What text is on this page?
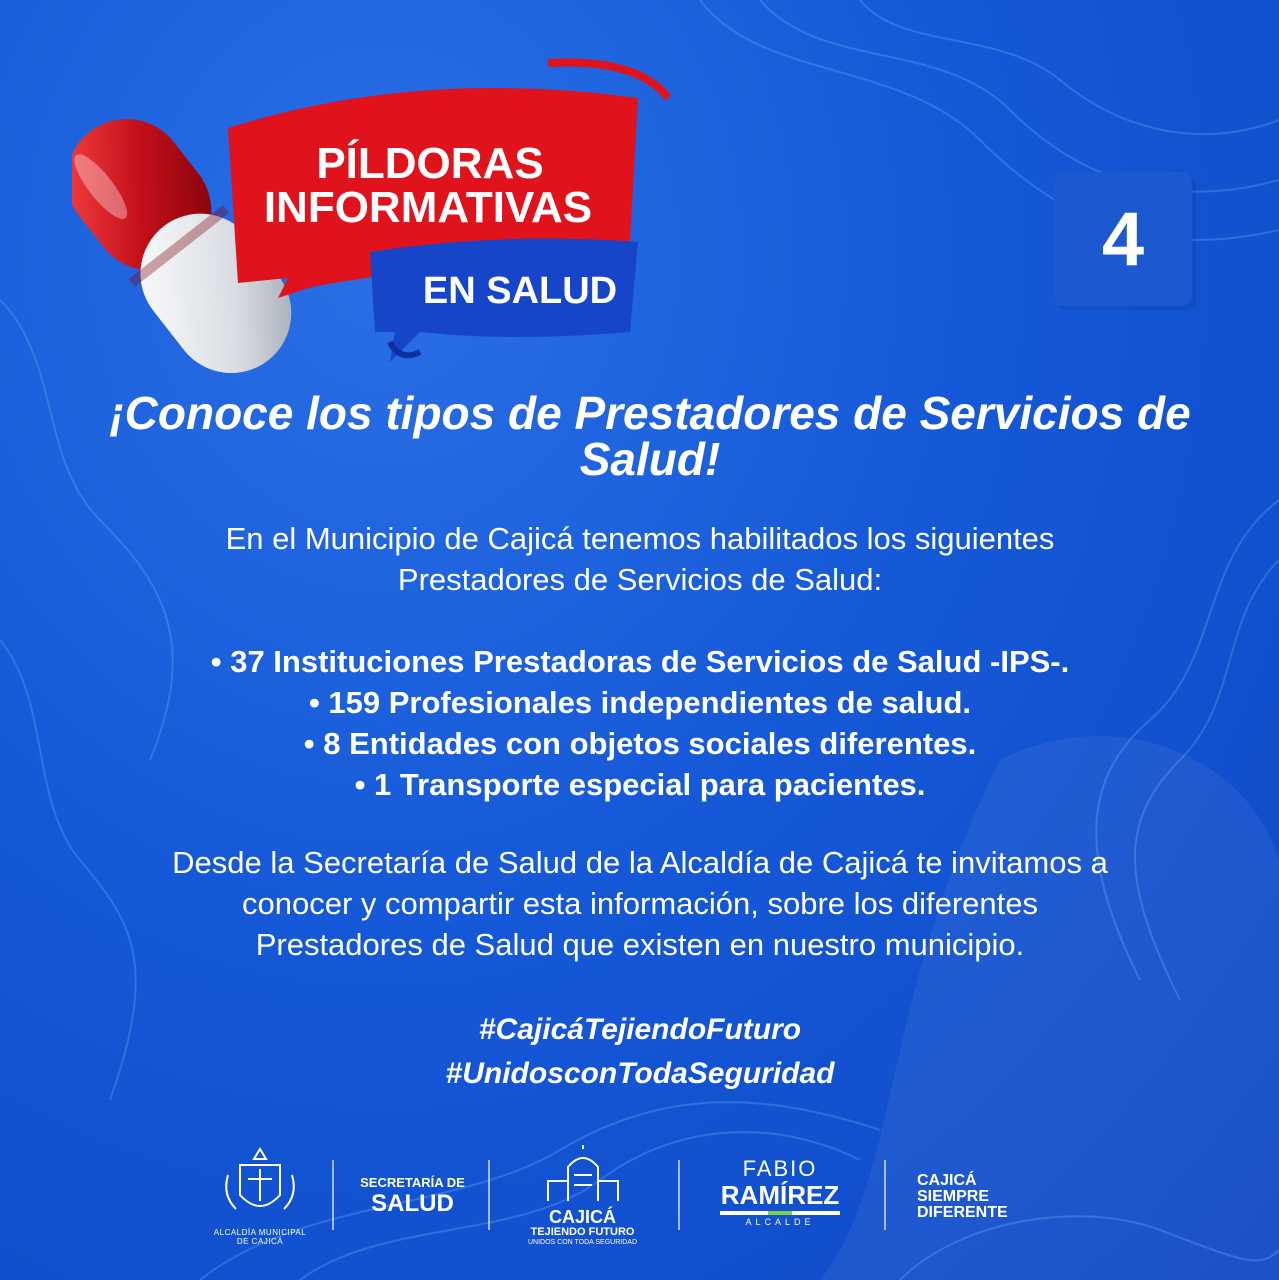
PÍLDORAS
INFORMATIVAS
EN SALUD
4
¡Conoce los tipos de Prestadores de Servicios de Salud!
En el Municipio de Cajicá tenemos habilitados los siguientes
Prestadores de Servicios de Salud:
• 37 Instituciones Prestadoras de Servicios de Salud -IPS-.
• 159 Profesionales independientes de salud.
• 8 Entidades con objetos sociales diferentes.
• 1 Transporte especial para pacientes.
Desde la Secretaría de Salud de la Alcaldía de Cajicá te invitamos a
conocer y compartir esta información, sobre los diferentes
Prestadores de Salud que existen en nuestro municipio.
#CajicáTejiendoFuturo
#UnidosconTodaSeguridad
ALCALDÍA MUNICIPAL
DE CAJICÁ
SECRETARÍA DE
SALUD	CAJICÁ
TEJIENDO FUTURO
UNIDOS CON TODA SEGURIDAD
FABIO
RAMÍREZ
ALCALDE
CAJICÁ
SIEMPRE
DIFERENTE
